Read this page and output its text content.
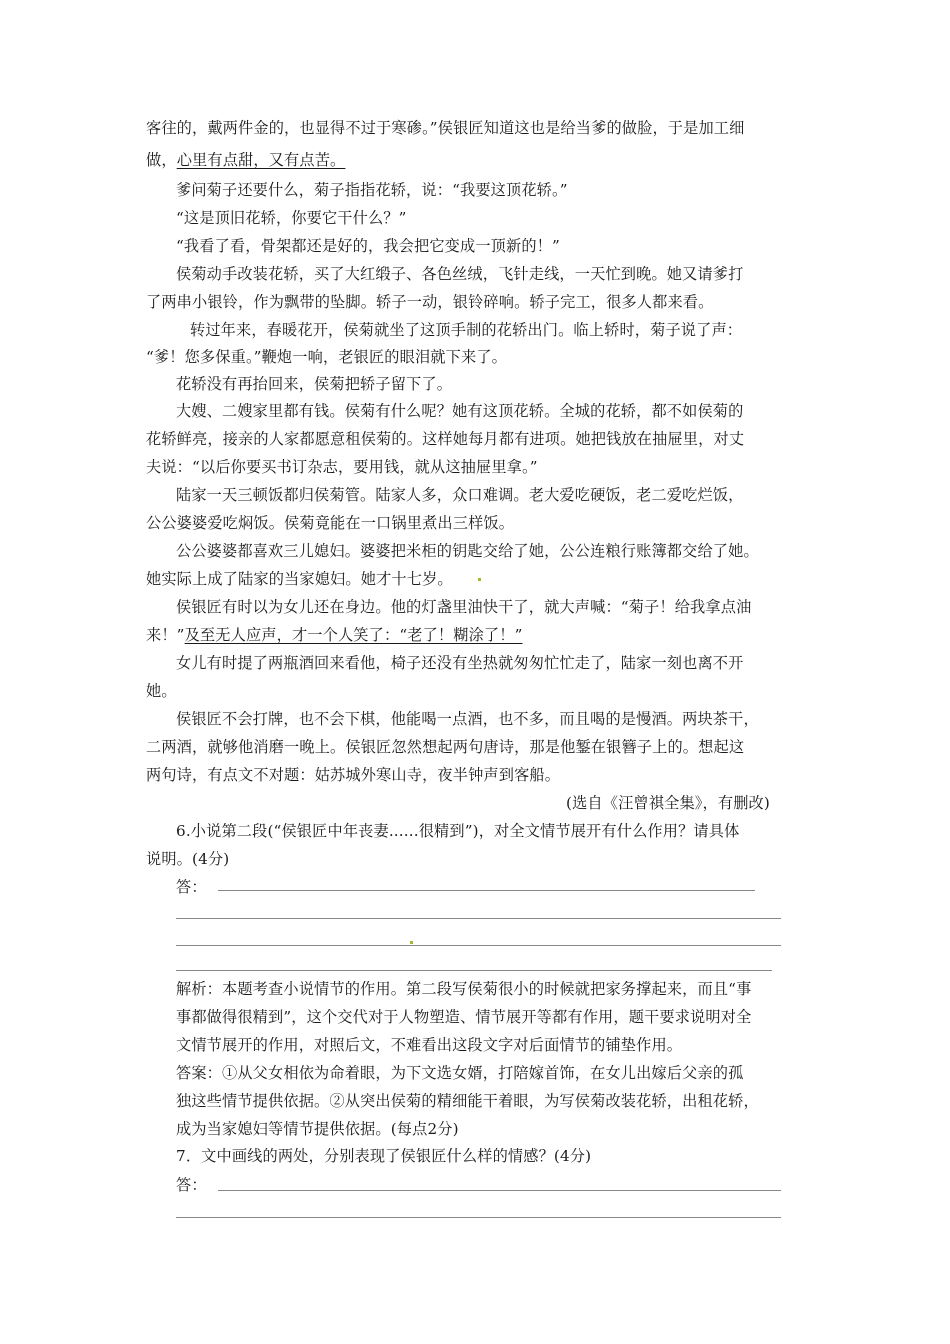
客往的，戴两件金的，也显得不过于寒碜。”侯银匠知道这也是给当爹的做脸，于是加工细
做，心里有点甜，又有点苦。
爹问菊子还要什么，菊子指指花轿，说：“我要这顶花轿。”
“这是顶旧花轿，你要它干什么？”
“我看了看，骨架都还是好的，我会把它变成一顶新的！”
侯菊动手改装花轿，买了大红缎子、各色丝绒，飞针走线，一天忙到晚。她又请爹打
了两串小银铃，作为飘带的坠脚。轿子一动，银铃碎响。轿子完工，很多人都来看。
转过年来，春暖花开，侯菊就坐了这顶手制的花轿出门。临上轿时，菊子说了声：
“爹！您多保重。”鞭炮一响，老银匠的眼泪就下来了。
花轿没有再抬回来，侯菊把轿子留下了。
大嫂、二嫂家里都有钱。侯菊有什么呢？她有这顶花轿。全城的花轿，都不如侯菊的
花轿鲜亮，接亲的人家都愿意租侯菊的。这样她每月都有进项。她把钱放在抽屉里，对丈
夫说：“以后你要买书订杂志，要用钱，就从这抽屉里拿。”
陆家一天三顿饭都归侯菊管。陆家人多，众口难调。老大爱吃硬饭，老二爱吃烂饭，
公公婆婆爱吃焖饭。侯菊竟能在一口锅里煮出三样饭。
公公婆婆都喜欢三儿媳妇。婆婆把米柜的钥匙交给了她，公公连粮行账簿都交给了她。
她实际上成了陆家的当家媳妇。她才十七岁。
侯银匠有时以为女儿还在身边。他的灯盏里油快干了，就大声喊：“菊子！给我拿点油
来！”及至无人应声，才一个人笑了：“老了！糊涂了！”
女儿有时提了两瓶酒回来看他，椅子还没有坐热就匆匆忙忙走了，陆家一刻也离不开
她。
侯银匠不会打牌，也不会下棋，他能喝一点酒，也不多，而且喝的是慢酒。两块茶干，
二两酒，就够他消磨一晚上。侯银匠忽然想起两句唐诗，那是他錾在银簪子上的。想起这
两句诗，有点文不对题：姑苏城外寒山寺，夜半钟声到客船。
(选自《汪曾祺全集》，有删改)
6.小说第二段(“侯银匠中年丧妻......很精到”)，对全文情节展开有什么作用？请具体
说明。(4分)
答：
解析：本题考查小说情节的作用。第二段写侯菊很小的时候就把家务撑起来，而且“事
事都做得很精到”，这个交代对于人物塑造、情节展开等都有作用，题干要求说明对全
文情节展开的作用，对照后文，不难看出这段文字对后面情节的铺垫作用。
答案：①从父女相依为命着眼，为下文选女婿，打陪嫁首饰，在女儿出嫁后父亲的孤
独这些情节提供依据。②从突出侯菊的精细能干着眼，为写侯菊改装花轿，出租花轿，
成为当家媳妇等情节提供依据。(每点2分)
7．文中画线的两处，分别表现了侯银匠什么样的情感？(4分)
答：
